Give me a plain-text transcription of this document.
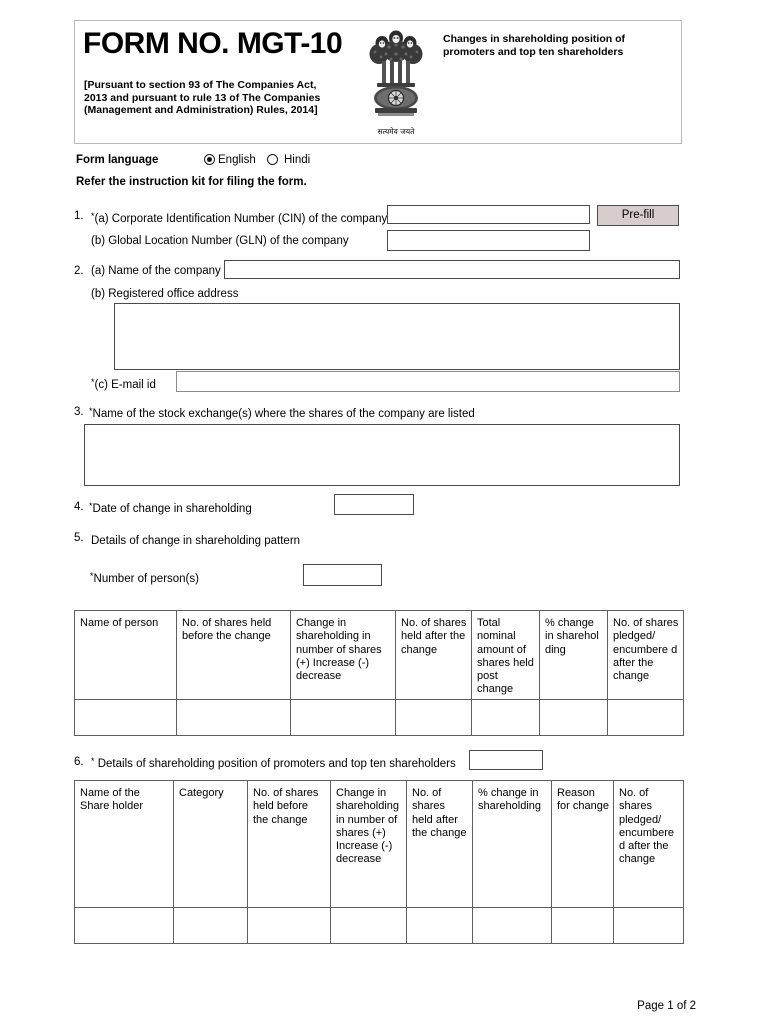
FORM NO. MGT-10
[Pursuant to section 93 of The Companies Act, 2013 and pursuant to rule 13 of The Companies (Management and Administration) Rules, 2014]
सत्यमेव जयते
Changes in shareholding position of promoters and top ten shareholders
Form language	English Hindi
Refer the instruction kit for filing the form.
1. *(a) Corporate Identification Number (CIN) of the company	Pre-fill
(b) Global Location Number (GLN) of the company
2. (a) Name of the company
(b) Registered office address
*(c) E-mail id
3. *Name of the stock exchange(s) where the shares of the company are listed
4. *Date of change in shareholding
5. Details of change in shareholding pattern
*Number of person(s)
Name of person	No. of shares held before the change	Change in shareholding in number of shares (+) Increase (-) decrease	No. of shares held after the change	Total nominal amount of shares held post change	% change in sharehol ding	No. of shares pledged/ encumbere d after the change

6. * Details of shareholding position of promoters and top ten shareholders
Name of the Share holder	Category	No. of shares held before the change	Change in shareholding in number of shares (+) Increase (-) decrease	No. of shares held after the change	% change in shareholding	Reason for change	No. of shares pledged/ encumbered after the change

Page 1 of 2
